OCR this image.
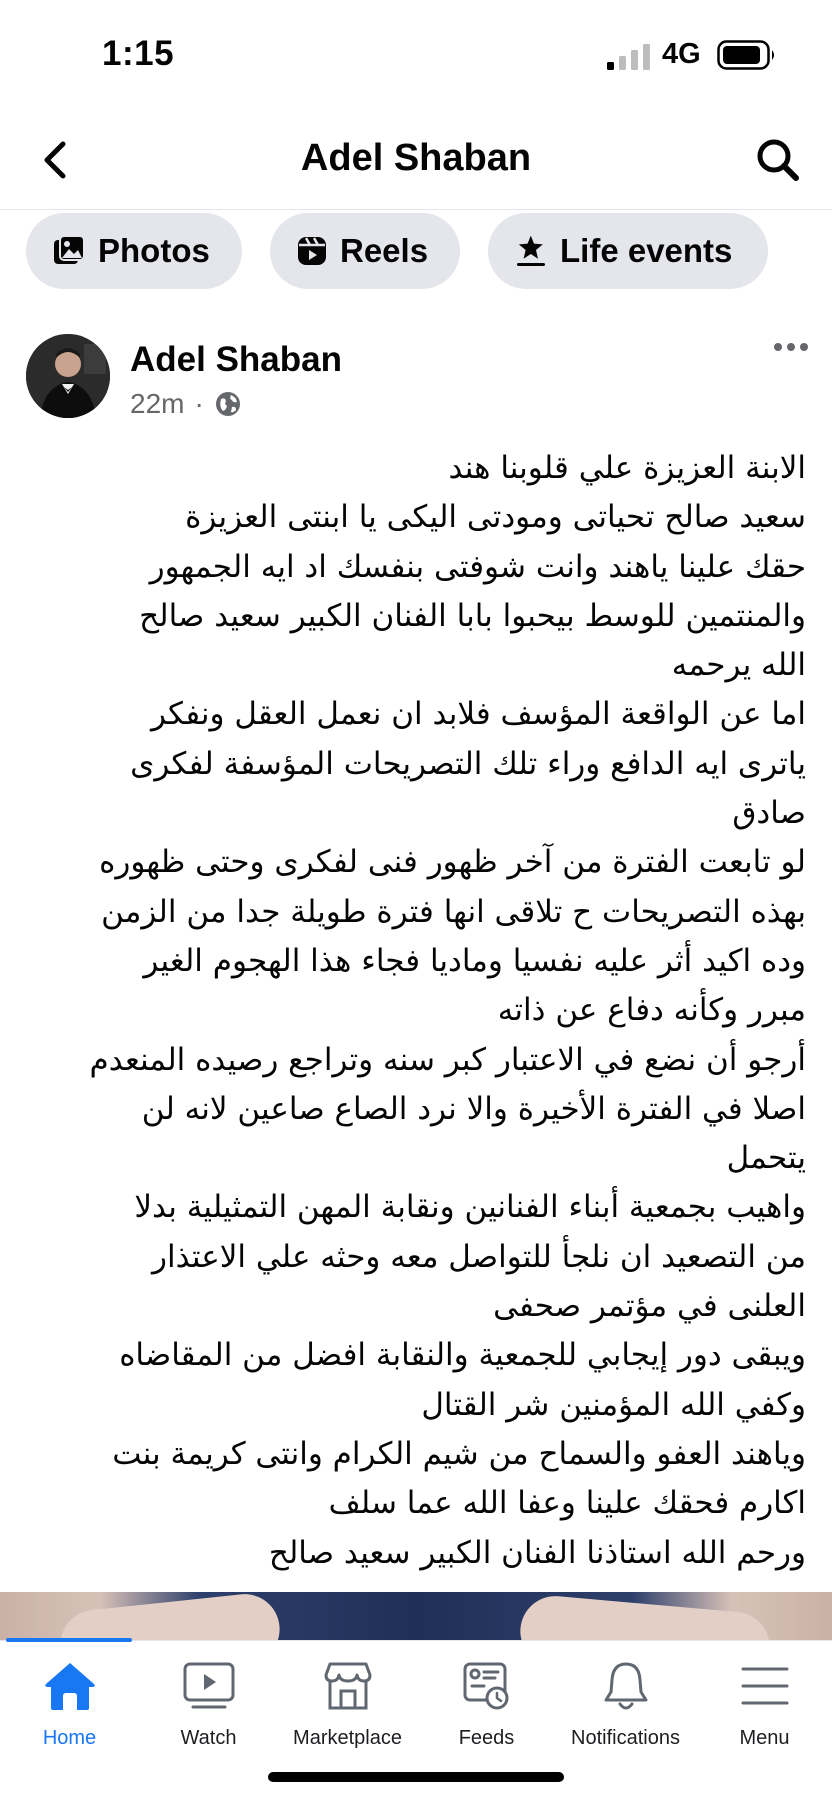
1:15	4G
Adel Shaban
Photos	Reels	Life events
Adel Shaban
22m ·
الابنة العزيزة علي قلوبنا هند
سعيد صالح تحياتى ومودتى اليكى يا ابنتى العزيزة
حقك علينا ياهند وانت شوفتى بنفسك اد ايه الجمهور
والمنتمين للوسط بيحبوا بابا الفنان الكبير سعيد صالح
الله يرحمه
اما عن الواقعة المؤسف فلابد ان نعمل العقل ونفكر
ياترى ايه الدافع وراء تلك التصريحات المؤسفة لفكرى
صادق
لو تابعت الفترة من آخر ظهور فنى لفكرى وحتى ظهوره
بهذه التصريحات ح تلاقى انها فترة طويلة جدا من الزمن
وده اكيد أثر عليه نفسيا وماديا فجاء هذا الهجوم الغير
مبرر وكأنه دفاع عن ذاته
أرجو أن نضع في الاعتبار كبر سنه وتراجع رصيده المنعدم
اصلا في الفترة الأخيرة والا نرد الصاع صاعين لانه لن
يتحمل
واهيب بجمعية أبناء الفنانين ونقابة المهن التمثيلية بدلا
من التصعيد ان نلجأ للتواصل معه وحثه علي الاعتذار
العلنى في مؤتمر صحفى
ويبقى دور إيجابي للجمعية والنقابة افضل من المقاضاه
وكفي الله المؤمنين شر القتال
وياهند العفو والسماح من شيم الكرام وانتى كريمة بنت
اكارم فحقك علينا وعفا الله عما سلف
ورحم الله استاذنا الفنان الكبير سعيد صالح
Home	Watch	Marketplace	Feeds	Notifications	Menu
